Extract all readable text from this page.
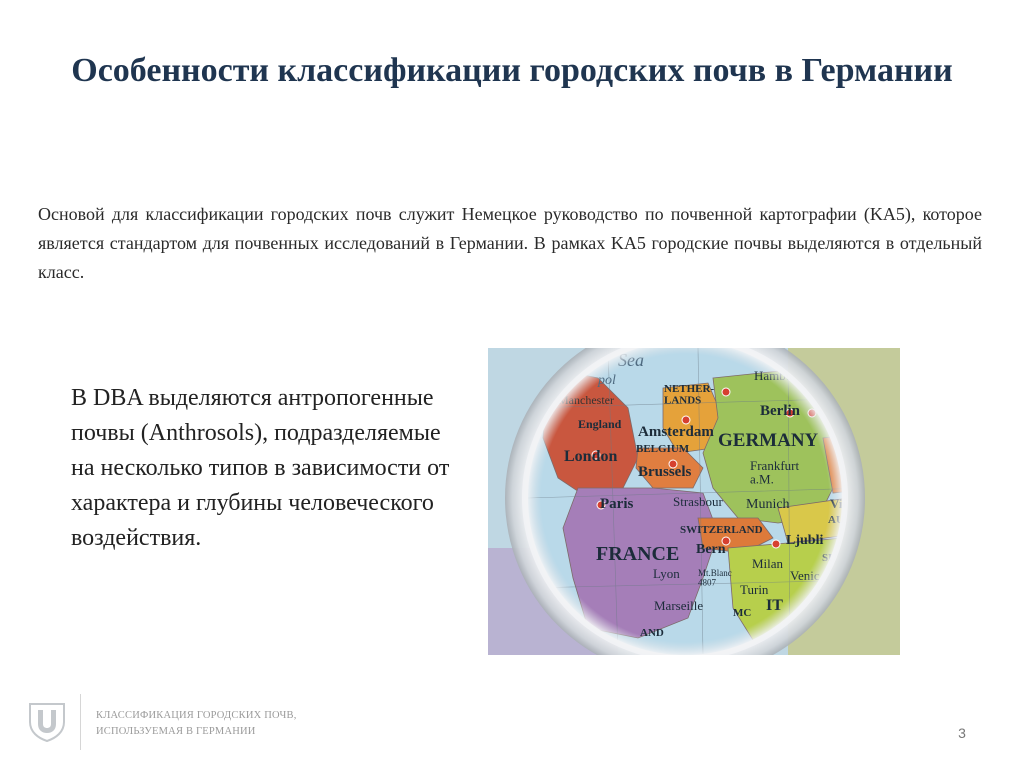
Особенности классификации городских почв в Германии
Основой для классификации городских почв служит Немецкое руководство по почвенной картографии (KA5), которое является стандартом для почвенных исследований в Германии. В рамках KA5 городские почвы выделяются в отдельный класс.
В DBA выделяются антропогенные почвы (Anthrosols), подразделяемые на несколько типов в зависимости от характера и глубины человеческого воздействия.
КЛАССИФИКАЦИЯ ГОРОДСКИХ ПОЧВ,
ИСПОЛЬЗУЕМАЯ В ГЕРМАНИИ	3
